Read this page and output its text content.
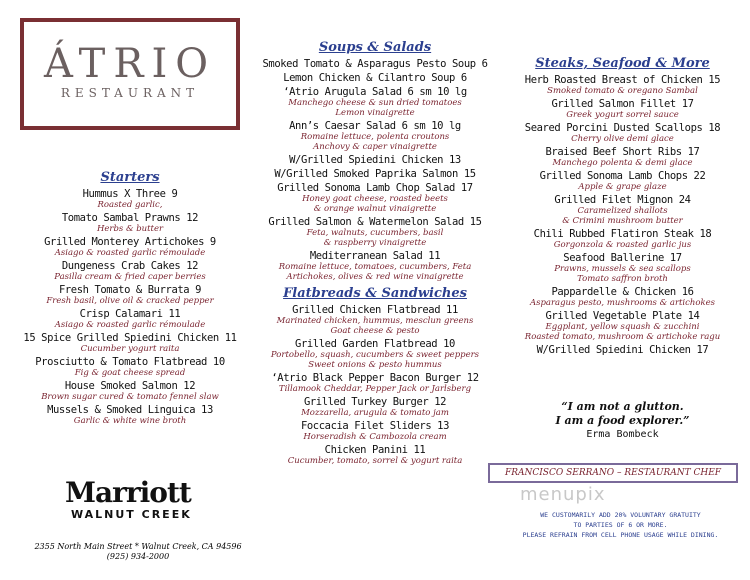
ÁTRIO
RESTAURANT
Starters
Hummus X Three 9
Roasted garlic,
Tomato Sambal Prawns 12
Herbs & butter
Grilled Monterey Artichokes 9
Asiago & roasted garlic rémoulade
Dungeness Crab Cakes 12
Pasilla cream & fried caper berries
Fresh Tomato & Burrata 9
Fresh basil, olive oil & cracked pepper
Crisp Calamari 11
Asiago & roasted garlic rémoulade
15 Spice Grilled Spiedini Chicken 11
Cucumber yogurt raita
Prosciutto & Tomato Flatbread 10
Fig & goat cheese spread
House Smoked Salmon 12
Brown sugar cured & tomato fennel slaw
Mussels & Smoked Linguica 13
Garlic & white wine broth
Soups & Salads
Smoked Tomato & Asparagus Pesto Soup 6
Lemon Chicken & Cilantro Soup 6
‘Atrio Arugula Salad 6 sm 10 lg
Manchego cheese & sun dried tomatoes
Lemon vinaigrette
Ann’s Caesar Salad 6 sm 10 lg
Romaine lettuce, polenta croutons
Anchovy & caper vinaigrette
W/Grilled Spiedini Chicken 13
W/Grilled Smoked Paprika Salmon 15
Grilled Sonoma Lamb Chop Salad 17
Honey goat cheese, roasted beets
& orange walnut vinaigrette
Grilled Salmon & Watermelon Salad 15
Feta, walnuts, cucumbers, basil
& raspberry vinaigrette
Mediterranean Salad 11
Romaine lettuce, tomatoes, cucumbers, Feta
Artichokes, olives & red wine vinaigrette
Flatbreads & Sandwiches
Grilled Chicken Flatbread 11
Marinated chicken, hummus, mesclun greens
Goat cheese & pesto
Grilled Garden Flatbread 10
Portobello, squash, cucumbers & sweet peppers
Sweet onions & pesto hummus
‘Atrio Black Pepper Bacon Burger 12
Tillamook Cheddar, Pepper Jack or Jarlsberg
Grilled Turkey Burger 12
Mozzarella, arugula & tomato jam
Foccacia Filet Sliders 13
Horseradish & Cambozola cream
Chicken Panini 11
Cucumber, tomato, sorrel & yogurt raita
Steaks, Seafood & More
Herb Roasted Breast of Chicken 15
Smoked tomato & oregano Sambal
Grilled Salmon Fillet 17
Greek yogurt sorrel sauce
Seared Porcini Dusted Scallops 18
Cherry olive demi glace
Braised Beef Short Ribs 17
Manchego polenta & demi glace
Grilled Sonoma Lamb Chops 22
Apple & grape glaze
Grilled Filet Mignon 24
Caramelized shallots
& Crimini mushroom butter
Chili Rubbed Flatiron Steak 18
Gorgonzola & roasted garlic jus
Seafood Ballerine 17
Prawns, mussels & sea scallops
Tomato saffron broth
Pappardelle & Chicken 16
Asparagus pesto, mushrooms & artichokes
Grilled Vegetable Plate 14
Eggplant, yellow squash & zucchini
Roasted tomato, mushroom & artichoke ragu
W/Grilled Spiedini Chicken 17
“I am not a glutton.
I am a food explorer.”
Erma Bombeck
FRANCISCO SERRANO – RESTAURANT CHEF
menupix
WE CUSTOMARILY ADD 20% VOLUNTARY GRATUITY
TO PARTIES OF 6 OR MORE.
PLEASE REFRAIN FROM CELL PHONE USAGE WHILE DINING.
Marriott
WALNUT CREEK
2355 North Main Street * Walnut Creek, CA 94596
(925) 934-2000
